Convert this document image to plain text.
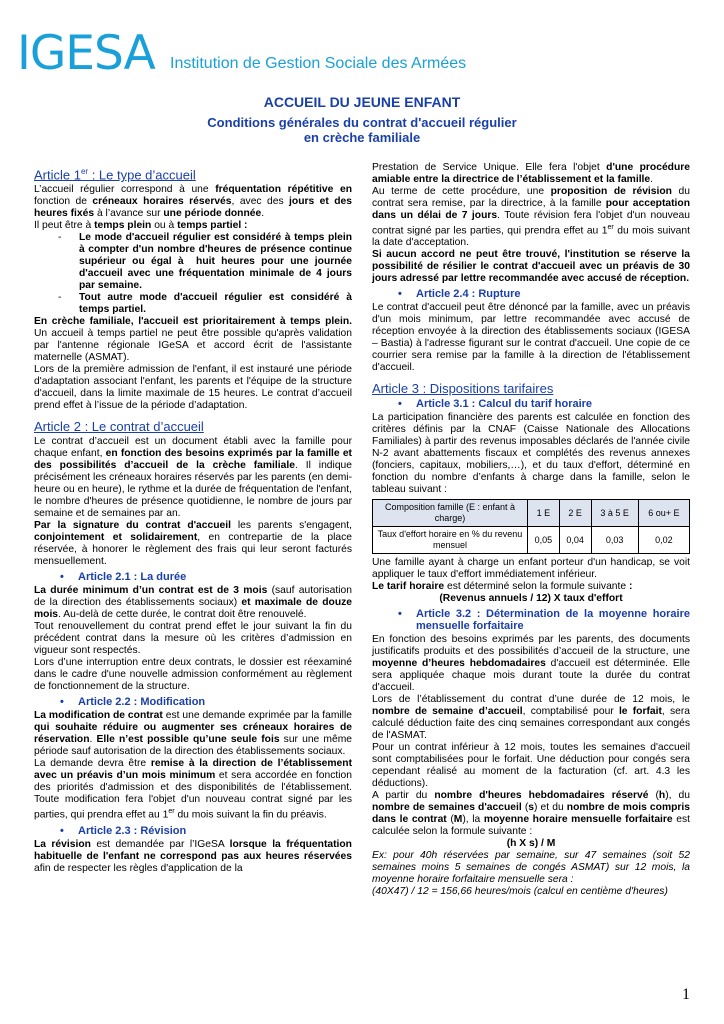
IGESA Institution de Gestion Sociale des Armées
ACCUEIL DU JEUNE ENFANT
Conditions générales du contrat d'accueil régulier
en crèche familiale
Article 1er : Le type d’accueil

L’accueil régulier correspond à une fréquentation répétitive en fonction de créneaux horaires réservés, avec des jours et des heures fixés à l’avance sur une période donnée.

Il peut être à temps plein ou à temps partiel :

- Le mode d'accueil régulier est considéré à temps plein à compter d'un nombre d'heures de présence continue supérieur ou égal à  huit heures pour une journée d'accueil avec une fréquentation minimale de 4 jours par semaine.

- Tout autre mode d'accueil régulier est considéré à temps partiel.

En crèche familiale, l'accueil est prioritairement à temps plein. Un accueil à temps partiel ne peut être possible qu'après validation par l'antenne régionale IGeSA et accord écrit de l'assistante maternelle (ASMAT).

Lors de la première admission de l'enfant, il est instauré une période d'adaptation associant l'enfant, les parents et l'équipe de la structure d'accueil, dans la limite maximale de 15 heures. Le contrat d’accueil prend effet à l’issue de la période d’adaptation.

Article 2 : Le contrat d’accueil

Le contrat d’accueil est un document établi avec la famille pour chaque enfant, en fonction des besoins exprimés par la famille et des possibilités d’accueil de la crèche familiale. Il indique précisément les créneaux horaires réservés par les parents (en demi-heure ou en heure), le rythme et la durée de fréquentation de l'enfant, le nombre d'heures de présence quotidienne, le nombre de jours par semaine et de semaines par an.

Par la signature du contrat d'accueil les parents s'engagent, conjointement et solidairement, en contrepartie de la place réservée, à honorer le règlement des frais qui leur seront facturés mensuellement.

• Article 2.1 : La durée

La durée minimum d’un contrat est de 3 mois (sauf autorisation de la direction des établissements sociaux) et maximale de douze mois. Au-delà de cette durée, le contrat doit être renouvelé.

Tout renouvellement du contrat prend effet le jour suivant la fin du précédent contrat dans la mesure où les critères d’admission en vigueur sont respectés.

Lors d’une interruption entre deux contrats, le dossier est réexaminé dans le cadre d'une nouvelle admission conformément au règlement de fonctionnement de la structure.

• Article 2.2 : Modification

La modification de contrat est une demande exprimée par la famille qui souhaite réduire ou augmenter ses créneaux horaires de réservation. Elle n’est possible qu’une seule fois sur une même période sauf autorisation de la direction des établissements sociaux.

La demande devra être remise à la direction de l’établissement avec un préavis d’un mois minimum et sera accordée en fonction des priorités d'admission et des disponibilités de l'établissement. Toute modification fera l'objet d'un nouveau contrat signé par les parties, qui prendra effet au 1er du mois suivant la fin du préavis.

• Article 2.3 : Révision

La révision est demandée par l’IGeSA lorsque la fréquentation habituelle de l'enfant ne correspond pas aux heures réservées afin de respecter les règles d'application de la

Prestation de Service Unique. Elle fera l'objet d'une procédure amiable entre la directrice de l’établissement et la famille.

Au terme de cette procédure, une proposition de révision du contrat sera remise, par la directrice, à la famille pour acceptation dans un délai de 7 jours. Toute révision fera l'objet d'un nouveau contrat signé par les parties, qui prendra effet au 1er du mois suivant la date d'acceptation.

Si aucun accord ne peut être trouvé, l'institution se réserve la possibilité de résilier le contrat d'accueil avec un préavis de 30 jours adressé par lettre recommandée avec accusé de réception.

• Article 2.4 : Rupture

Le contrat d'accueil peut être dénoncé par la famille, avec un préavis d'un mois minimum, par lettre recommandée avec accusé de réception envoyée à la direction des établissements sociaux (IGESA – Bastia) à l'adresse figurant sur le contrat d'accueil. Une copie de ce courrier sera remise par la famille à la direction de l'établissement d'accueil.

Article 3 : Dispositions tarifaires
• Article 3.1 : Calcul du tarif horaire

La participation financière des parents est calculée en fonction des critères définis par la CNAF (Caisse Nationale des Allocations Familiales) à partir des revenus imposables déclarés de l'année civile N-2 avant abattements fiscaux et complétés des revenus annexes (fonciers, capitaux, mobiliers,…), et du taux d'effort, déterminé en fonction du nombre d’enfants à charge dans la famille, selon le tableau suivant :

Composition famille (E : enfant à charge)	1 E	2 E	3 à 5 E	6 ou+ E
Taux d'effort horaire en % du revenu mensuel	0,05	0,04	0,03	0,02

Une famille ayant à charge un enfant porteur d'un handicap, se voit appliquer le taux d'effort immédiatement inférieur.

Le tarif horaire est déterminé selon la formule suivante :

(Revenus annuels / 12) X taux d'effort

• Article 3.2 : Détermination de la moyenne horaire mensuelle forfaitaire

En fonction des besoins exprimés par les parents, des documents justificatifs produits et des possibilités d’accueil de la structure, une moyenne d’heures hebdomadaires d'accueil est déterminée. Elle sera appliquée chaque mois durant toute la durée du contrat d'accueil.

Lors de l’établissement du contrat d’une durée de 12 mois, le nombre de semaine d’accueil, comptabilisé pour le forfait, sera calculé déduction faite des cinq semaines correspondant aux congés de l'ASMAT.

Pour un contrat inférieur à 12 mois, toutes les semaines d'accueil sont comptabilisées pour le forfait. Une déduction pour congés sera cependant réalisé au moment de la facturation (cf. art. 4.3 les déductions).

A partir du nombre d'heures hebdomadaires réservé (h), du nombre de semaines d'accueil (s) et du nombre de mois compris dans le contrat (M), la moyenne horaire mensuelle forfaitaire est calculée selon la formule suivante :

(h X s) / M

Ex: pour 40h réservées par semaine, sur 47 semaines (soit 52 semaines moins 5 semaines de congés ASMAT) sur 12 mois, la moyenne horaire forfaitaire mensuelle sera :

(40X47) / 12 = 156,66 heures/mois (calcul en centième d'heures)

1
